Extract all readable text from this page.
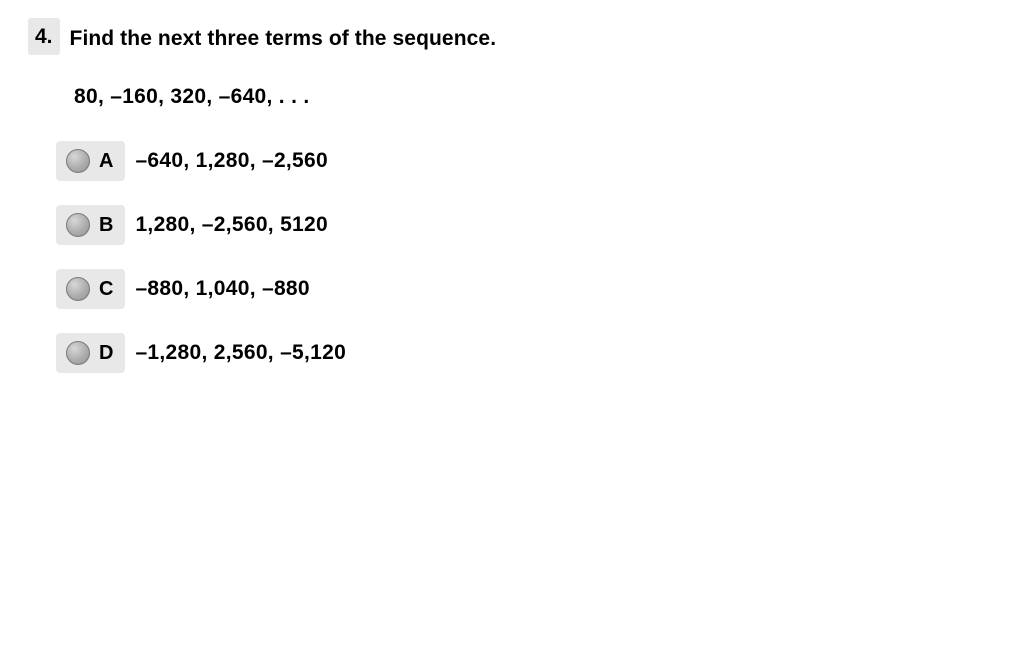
4. Find the next three terms of the sequence.
80, –160, 320, –640, . . .
A –640, 1,280, –2,560
B 1,280, –2,560, 5120
C –880, 1,040, –880
D –1,280, 2,560, –5,120
